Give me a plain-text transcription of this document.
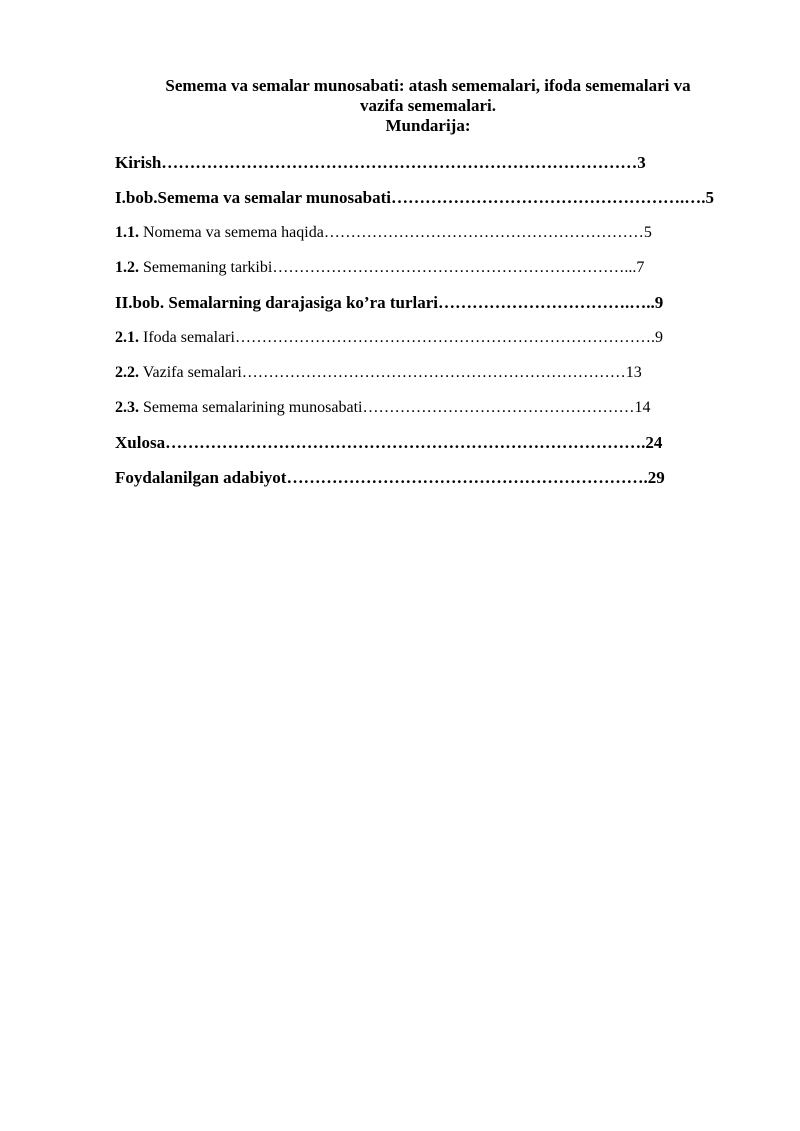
Semema va semalar munosabati: atash sememalari, ifoda sememalari va
vazifa sememalari.

Mundarija:
Kirish…………………………………………………………………………3
I.bob.Semema va semalar munosabati…………………………………………….….5
1.1. Nomema va semema haqida……………………………………………………5
1.2. Sememaning tarkibi…………………………………………………………...7
II.bob. Semalarning darajasiga ko’ra turlari…………………………….…..9
2.1. Ifoda semalari…………………………………………………………………….9
2.2. Vazifa semalari………………………………………………………………13
2.3. Semema semalarining munosabati……………………………………………14
Xulosa………………………………………………………………………….24
Foydalanilgan adabiyot……………………………………………………….29
